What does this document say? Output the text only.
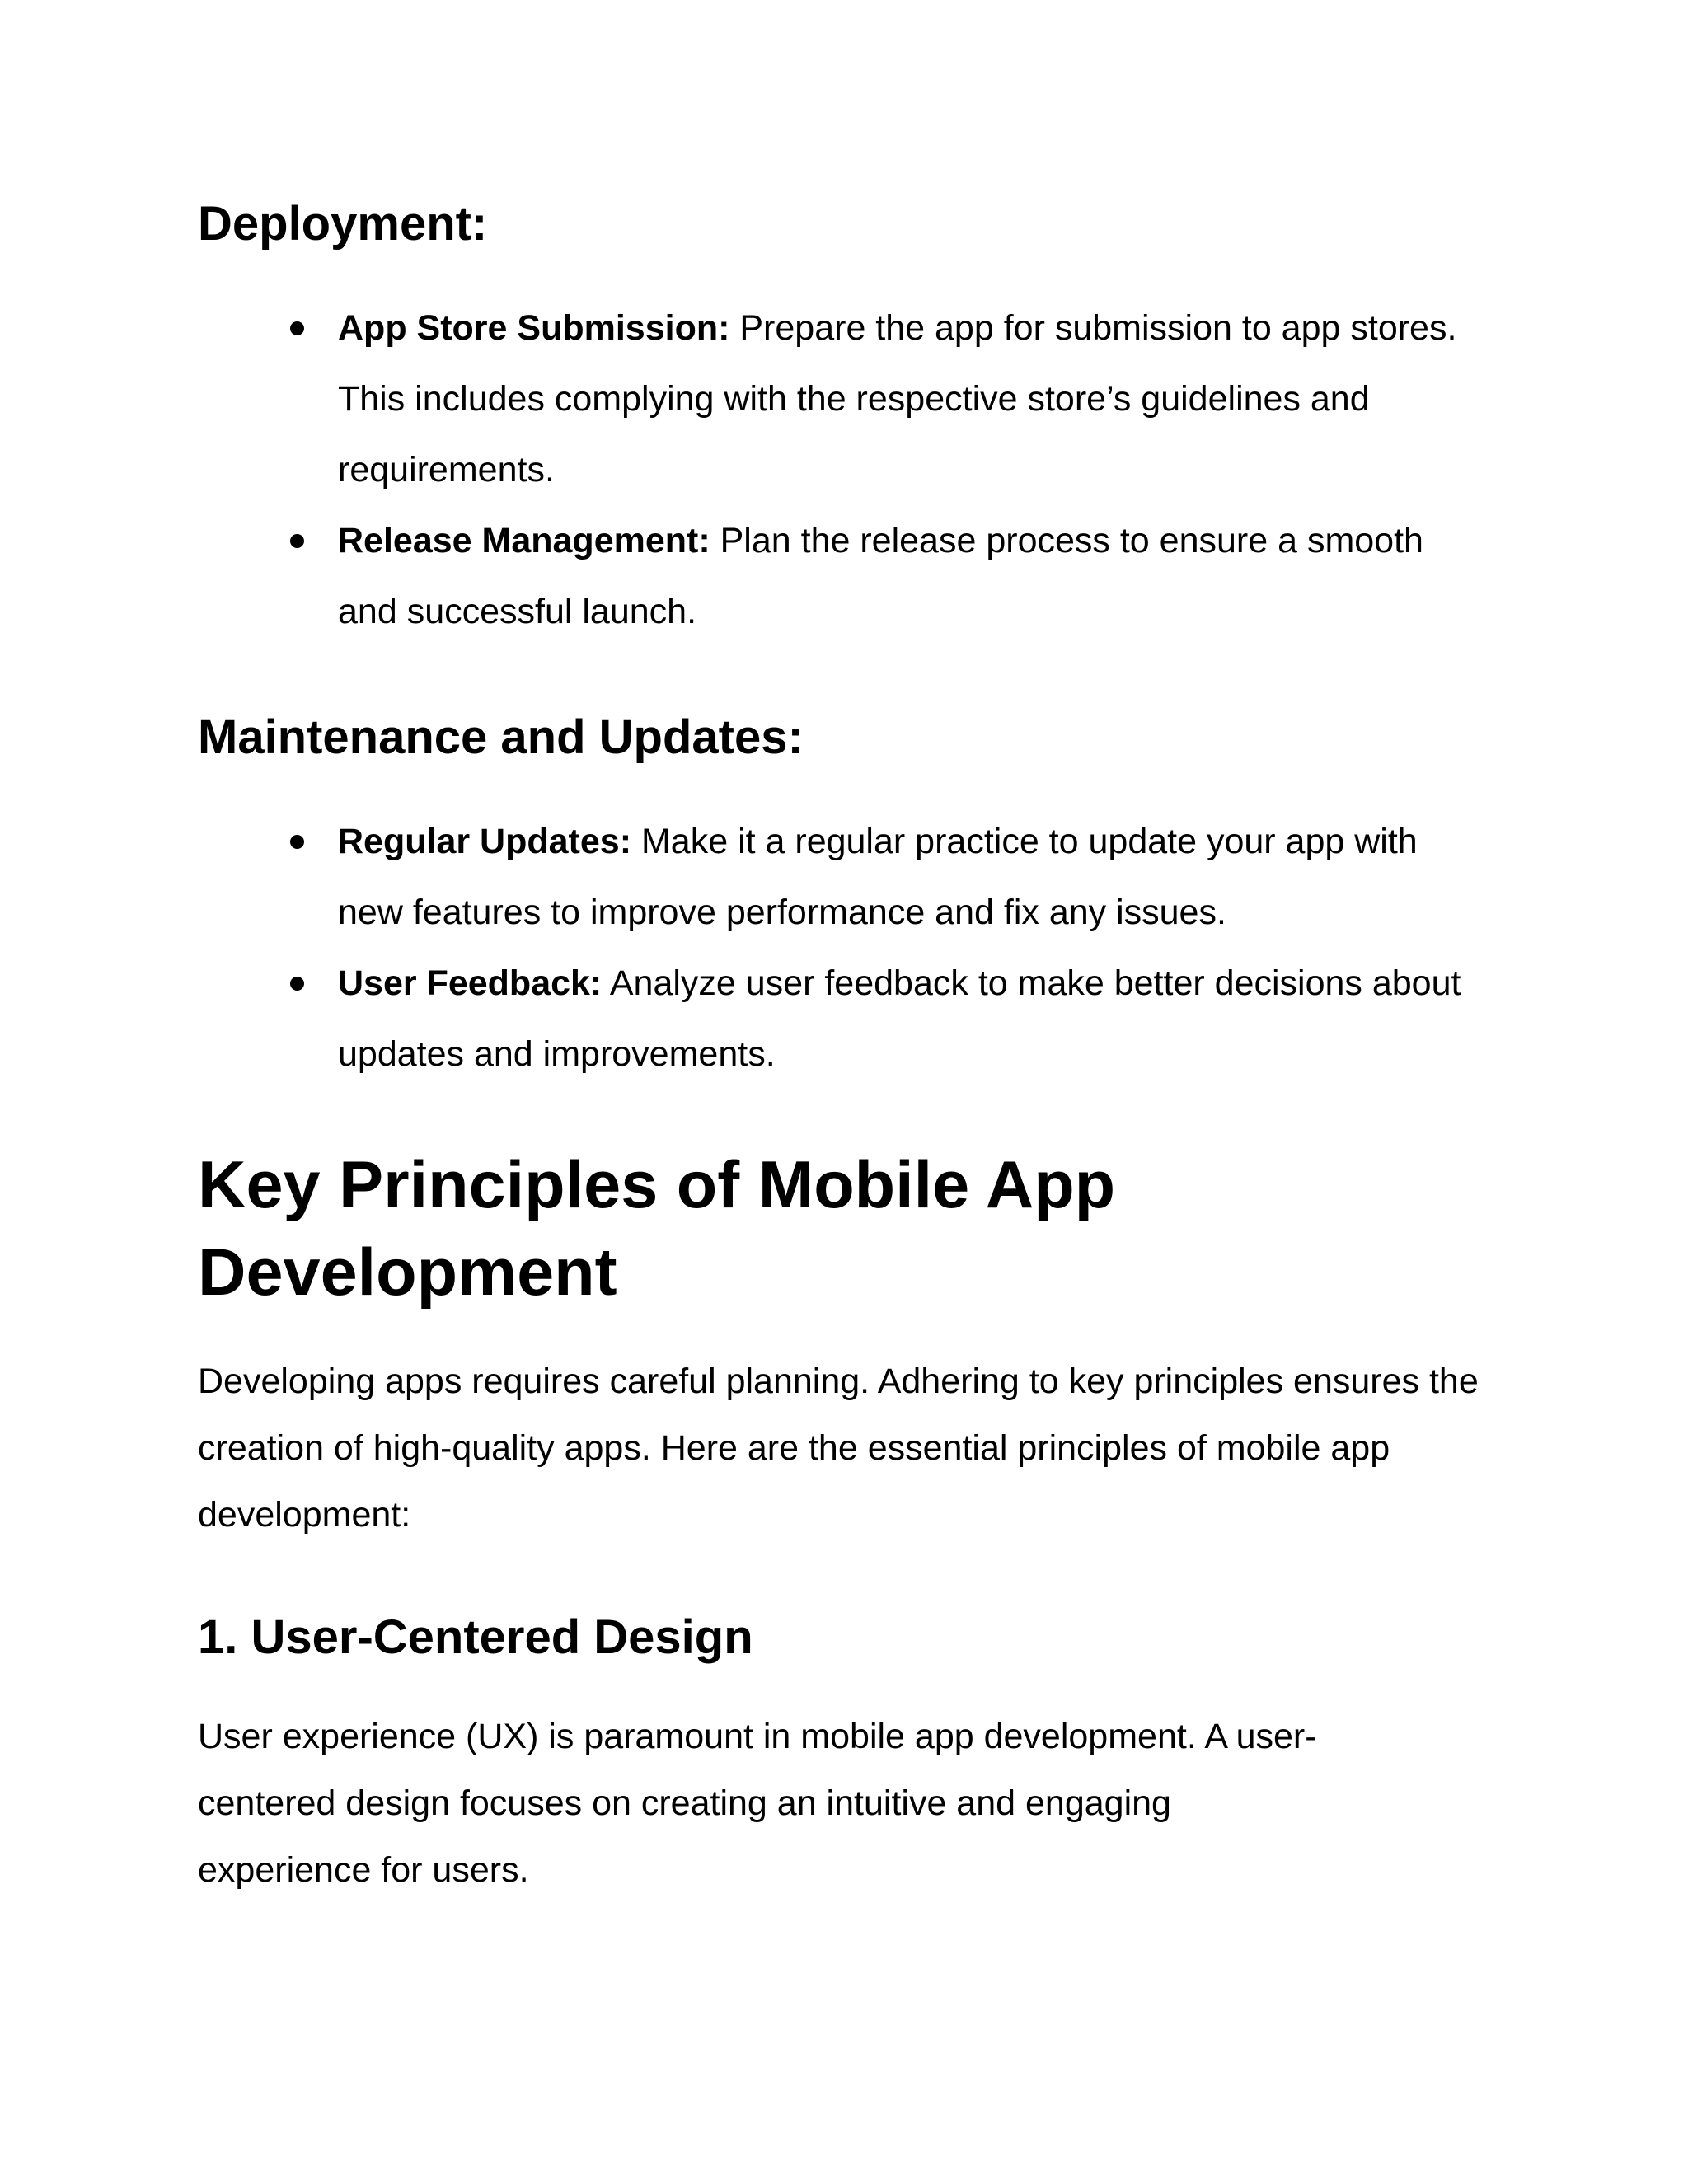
Deployment:
App Store Submission: Prepare the app for submission to app stores. This includes complying with the respective store’s guidelines and requirements.
Release Management: Plan the release process to ensure a smooth and successful launch.
Maintenance and Updates:
Regular Updates: Make it a regular practice to update your app with new features to improve performance and fix any issues.
User Feedback: Analyze user feedback to make better decisions about updates and improvements.
Key Principles of Mobile App Development

Developing apps requires careful planning. Adhering to key principles ensures the creation of high-quality apps. Here are the essential principles of mobile app development:

1. User-Centered Design

User experience (UX) is paramount in mobile app development. A user-centered design focuses on creating an intuitive and engaging experience for users.
